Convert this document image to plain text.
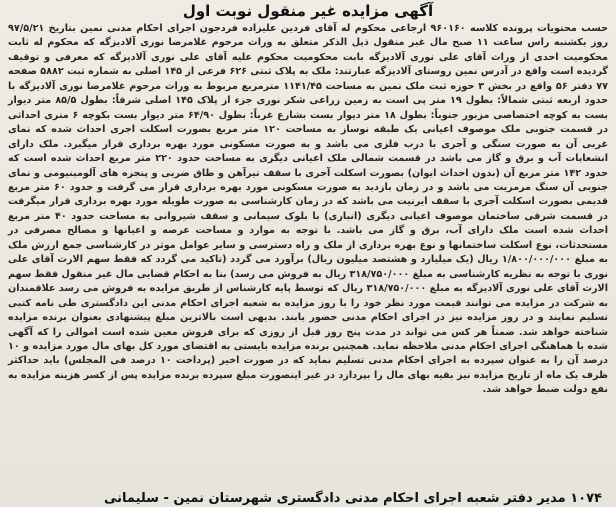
آگهی مزایده غیر منقول نوبت اول

حسب محتویات پرونده کلاسه ۹۶۰۱۶۰ ارجاعی محکوم له آقای فردین علیزاده فردجون اجرای احکام مدنی نمین بتاریخ ۹۷/۵/۲۱ روز یکشنبه راس ساعت ۱۱ صبح مال غیر منقول ذیل الذکر متعلق به وراث مرحوم غلامرضا نوری آلادیزگه که محکوم له ثابت محکومیت احدی از وراث آقای علی نوری آلادیزگه بابت محکومیت محکوم علیه آقای علی نوری آلادیزگه که معرفی و توقیف گردیده است واقع در آدرس نمین روستای آلادیزگه عبارتند: ملک به پلاک ثبتی ۶۲۶ فرعی از ۱۴۵ اصلی به شماره ثبت ۵۸۸۲ صفحه ۷۷ دفتر ۵۶ واقع در بخش ۳ حوزه ثبت ملک نمین به مساحت ۱۱۴۱/۴۵ مترمربع مربوط به وراث مرحوم غلامرضا نوری آلادیزگه با حدود اربعه ثبتی شمالاً: بطول ۱۹ متر پی است به زمین زراعی شکر نوری جزء از پلاک ۱۴۵ اصلی شرقاً: بطول ۸۵/۵ متر دیوار بست به کوچه اختصاصی مزبور جنوباً: بطول ۱۸ متر دیوار بست بشارع غرباً: بطول ۶۴/۹۰ متر دیوار بست بکوچه ۶ متری احداثی در قسمت جنوبی ملک موصوف اعیانی یک طبقه نوساز به مساحت ۱۲۰ متر مربع بصورت اسکلت اجری احداث شده که نمای غربی آن به صورت سنگی و آجری با درب فلزی می باشد و به صورت مسکونی مورد بهره برداری قرار میگیرد. ملک دارای انشعابات آب و برق و گاز می باشد در قسمت شمالی ملک اعیانی دیگری به مساحت حدود ۲۲۰ متر مربع احداث شده است که حدود ۱۴۲ متر مربع آن (بدون احداث ایوان) بصورت اسکلت آجری با سقف تیرآهن و طاق ضربی و پنجره های آلومینیومی و نمای جنوبی آن سنگ مرمریت می باشد و در زمان بازدید به صورت مسکونی مورد بهره برداری قرار می گرفت و حدود ۶۰ متر مربع قدیمی بصورت اسکلت آجری با سقف ایرنیت می باشد که در زمان کارشناسی به صورت طویله مورد بهره برداری قرار میگرفت در قسمت شرقی ساختمان موصوف اعیانی دیگری (انباری) با بلوک سیمانی و سقف شیروانی به مساحت حدود ۴۰ متر مربع احداث شده است ملک دارای آب، برق و گاز می باشد. با توجه به موارد و مساحت عرصه و اعیانها و مصالح مصرفی در مستحدثات، نوع اسکلت ساختمانها و نوع بهره برداری از ملک و راه دسترسی و سایر عوامل موثر در کارشناسی جمع ارزش ملک به مبلغ ۱/۸۰۰/۰۰۰/۰۰۰ ریال (یک میلیارد و هشتصد میلیون ریال) برآورد می گردد (تاکید می گردد که فقط سهم الارث آقای علی نوری با توجه به نظریه کارشناسی به مبلغ ۳۱۸/۷۵۰/۰۰۰ ریال به فروش می رسد) بنا به احکام قضایی مال غیر منقول فقط سهم الارث آقای علی نوری آلادیزگه به مبلغ ۳۱۸/۷۵۰/۰۰۰ ریال که توسط پایه کارشناس از طریق مزایده به فروش می رسد علاقمندان به شرکت در مزایده می توانند قیمت مورد نظر خود را با روز مزایده به شعبه اجرای احکام مدنی این دادگستری طی نامه کتبی تسلیم نمایند و در روز مزایده نیز در اجرای احکام مدنی حضور یابند. بدیهی است بالاترین مبلغ پیشنهادی بعنوان برنده مزایده شناخته خواهد شد. ضمناً هر کس می تواند در مدت پنج روز قبل از روزی که برای فروش معین شده است اموالی را که آگهی شده با هماهنگی اجرای احکام مدنی ملاحظه نماید. همچنین برنده مزایده بایستی به اقتضای مورد کل بهای مال مورد مزایده و ۱۰ درصد آن را به عنوان سپرده به اجرای احکام مدنی تسلیم نماید که در صورت اخیر (پرداخت ۱۰ درصد فی المجلس) باید حداکثر ظرف یک ماه از تاریخ مزایده نیز بقیه بهای مال را بپردازد در غیر اینصورت مبلغ سپرده برنده مزایده پس از کسر هزینه مزایده به نفع دولت ضبط خواهد شد.

۱۰۷۴ مدیر دفتر شعبه اجرای احکام مدنی دادگستری شهرستان نمین - سلیمانی
